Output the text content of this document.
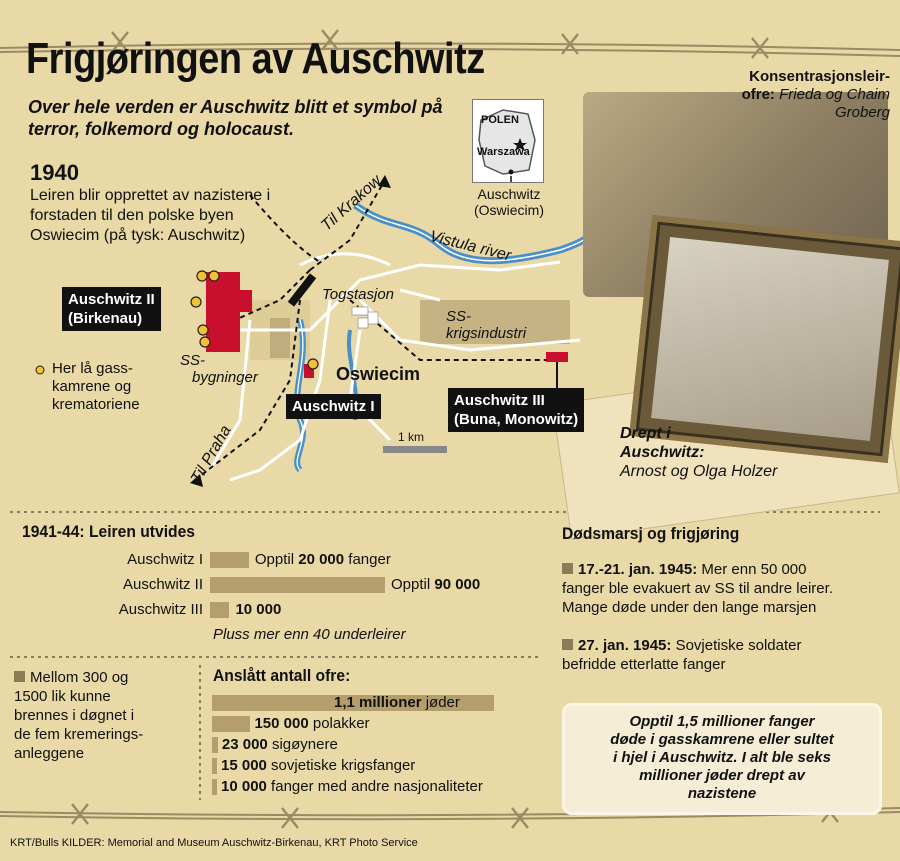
POLEN
Warszawa
Auschwitz
(Oswiecim)
Frigjøringen av Auschwitz
Over hele verden er Auschwitz blitt et symbol på terror, folkemord og holocaust.
1940
Leiren blir opprettet av nazistene i forstaden til den polske byen Oswiecim (på tysk: Auschwitz)
Konsentrasjonsleir-
ofre: Frieda og Chaim Groberg
Drept i
Auschwitz:
Arnost og Olga Holzer
Til Krakow
Vistula river
Togstasjon
SS-
krigsindustri
SS-
bygninger	Oswiecim
Til Praha	1 km
Auschwitz II
(Birkenau)
Auschwitz I	Auschwitz III
(Buna, Monowitz)
Her lå gass-
kamrene og
krematoriene
1941-44: Leiren utvides
Pluss mer enn 40 underleirer
Mellom 300 og
1500 lik kunne
brennes i døgnet i
de fem kremerings-
anleggene
Anslått antall ofre:
Dødsmarsj og frigjøring
17.-21. jan. 1945: Mer enn 50 000
fanger ble evakuert av SS til andre leirer.
Mange døde under den lange marsjen
27. jan. 1945: Sovjetiske soldater
befridde etterlatte fanger
Opptil 1,5 millioner fanger
døde i gasskamrene eller sultet
i hjel i Auschwitz. I alt ble seks
millioner jøder drept av
nazistene
KRT/Bulls KILDER: Memorial and Museum Auschwitz-Birkenau, KRT Photo Service
Auschwitz I	Opptil 20 000 fanger
Auschwitz II	Opptil 90 000
Auschwitz III 10 000
1,1 millioner jøder
150 000 polakker
23 000 sigøynere
15 000 sovjetiske krigsfanger
10 000 fanger med andre nasjonaliteter
